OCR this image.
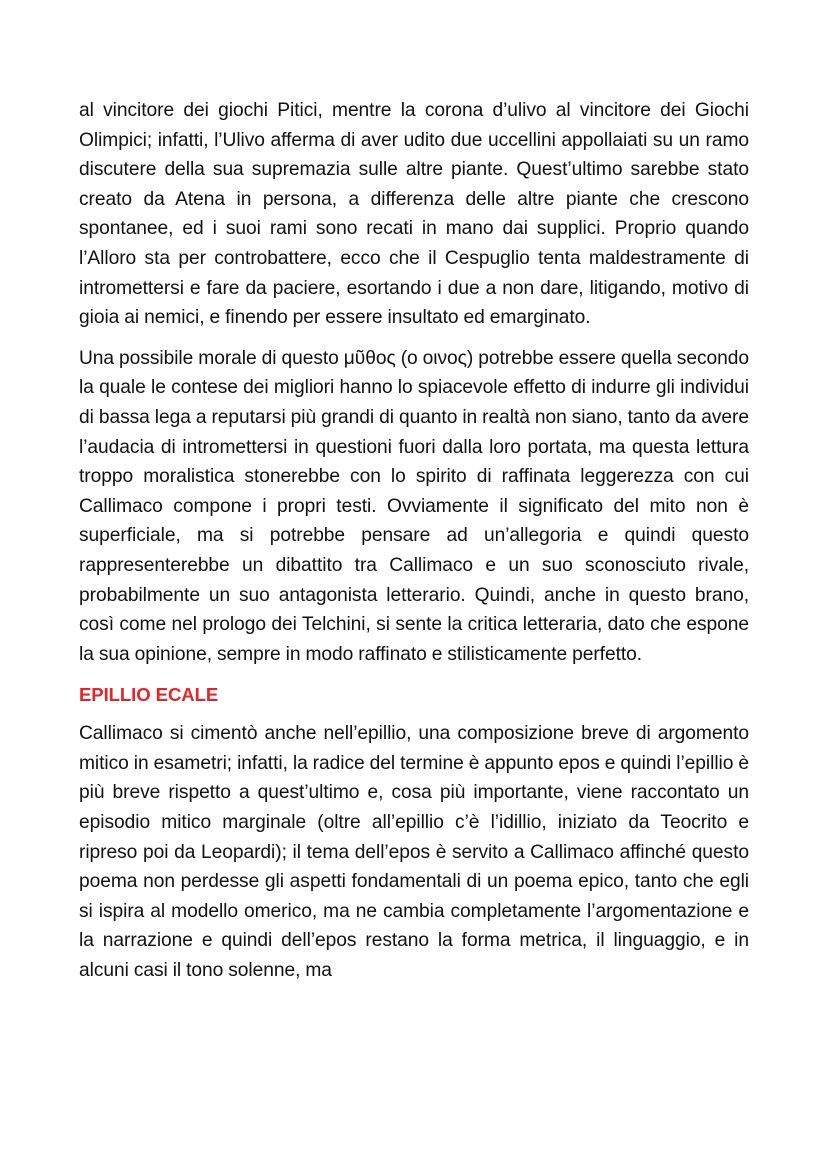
al vincitore dei giochi Pitici, mentre la corona d’ulivo al vincitore dei Giochi Olimpici; infatti, l’Ulivo afferma di aver udito due uccellini appollaiati su un ramo discutere della sua supremazia sulle altre piante. Quest’ultimo sarebbe stato creato da Atena in persona, a differenza delle altre piante che crescono spontanee, ed i suoi rami sono recati in mano dai supplici. Proprio quando l’Alloro sta per controbattere, ecco che il Cespuglio tenta maldestramente di intromettersi e fare da paciere, esortando i due a non dare, litigando, motivo di gioia ai nemici, e finendo per essere insultato ed emarginato.

Una possibile morale di questo μῦθος (o οινος) potrebbe essere quella secondo la quale le contese dei migliori hanno lo spiacevole effetto di indurre gli individui di bassa lega a reputarsi più grandi di quanto in realtà non siano, tanto da avere l’audacia di intromettersi in questioni fuori dalla loro portata, ma questa lettura troppo moralistica stonerebbe con lo spirito di raffinata leggerezza con cui Callimaco compone i propri testi. Ovviamente il significato del mito non è superficiale, ma si potrebbe pensare ad un’allegoria e quindi questo rappresenterebbe un dibattito tra Callimaco e un suo sconosciuto rivale, probabilmente un suo antagonista letterario. Quindi, anche in questo brano, così come nel prologo dei Telchini, si sente la critica letteraria, dato che espone la sua opinione, sempre in modo raffinato e stilisticamente perfetto.

EPILLIO ECALE

Callimaco si cimentò anche nell’epillio, una composizione breve di argomento mitico in esametri; infatti, la radice del termine è appunto epos e quindi l’epillio è più breve rispetto a quest’ultimo e, cosa più importante, viene raccontato un episodio mitico marginale (oltre all’epillio c’è l’idillio, iniziato da Teocrito e ripreso poi da Leopardi); il tema dell’epos è servito a Callimaco affinché questo poema non perdesse gli aspetti fondamentali di un poema epico, tanto che egli si ispira al modello omerico, ma ne cambia completamente l’argomentazione e la narrazione e quindi dell’epos restano la forma metrica, il linguaggio, e in alcuni casi il tono solenne, ma
